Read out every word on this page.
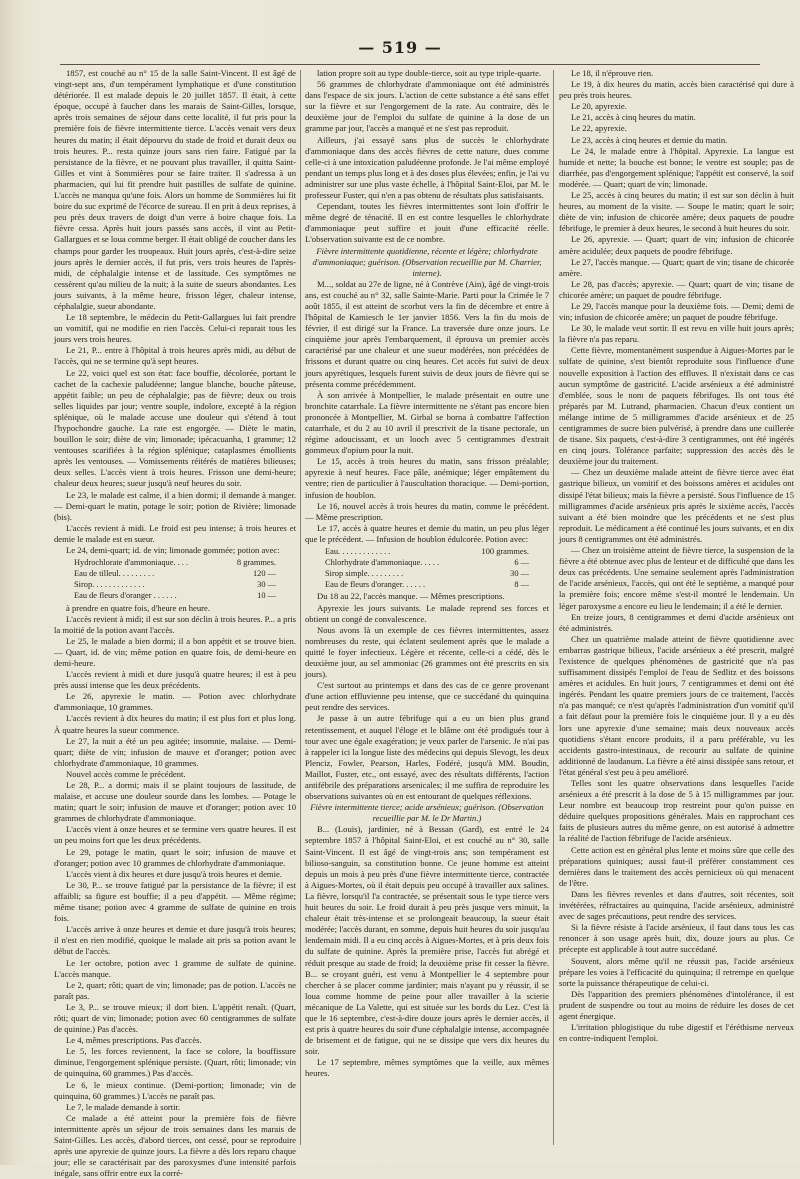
— 519 —

1857, est couché au n° 15 de la salle Saint-Vincent. Il est âgé de vingt-sept ans, d'un tempérament lymphatique et d'une constitution détériorée. Il est malade depuis le 20 juillet 1857. Il était, à cette époque, occupé à faucher dans les marais de Saint-Gilles, lorsque, après trois semaines de séjour dans cette localité, il fut pris pour la première fois de fièvre intermittente tierce. L'accès venait vers deux heures du matin; il était dépourvu du stade de froid et durait deux ou trois heures. P... resta quinze jours sans rien faire. Fatigué par la persistance de la fièvre, et ne pouvant plus travailler, il quitta Saint-Gilles et vint à Sommières pour se faire traiter. Il s'adressa à un pharmacien, qui lui fit prendre huit pastilles de sulfate de quinine. L'accès ne manqua qu'une fois. Alors un homme de Sommières lui fit boire du suc exprimé de l'écorce de sureau. Il en prit à deux reprises, à peu près deux travers de doigt d'un verre à boire chaque fois. La fièvre cessa. Après huit jours passés sans accès, il vint au Petit-Gallargues et se loua comme berger. Il était obligé de coucher dans les champs pour garder les troupeaux. Huit jours après, c'est-à-dire seize jours après le dernier accès, il fut pris, vers trois heures de l'après-midi, de céphalalgie intense et de lassitude. Ces symptômes ne cessèrent qu'au milieu de la nuit; à la suite de sueurs abondantes. Les jours suivants, à la même heure, frisson léger, chaleur intense, céphalalgie, sueur abondante.

Le 18 septembre, le médecin du Petit-Gallargues lui fait prendre un vomitif, qui ne modifie en rien l'accès. Celui-ci reparait tous les jours vers trois heures.

Le 21, P... entre à l'hôpital à trois heures après midi, au début de l'accès, qui ne se termine qu'à sept heures.

Le 22, voici quel est son état: face bouffie, décolorée, portant le cachet de la cachexie paludéenne; langue blanche, bouche pâteuse, appétit faible; un peu de céphalalgie; pas de fièvre; deux ou trois selles liquides par jour; ventre souple, indolore, excepté à la région splénique, où le malade accuse une douleur qui s'étend à tout l'hypochondre gauche. La rate est engorgée. — Diète le matin, bouillon le soir; diète de vin; limonade; ipécacuanha, 1 gramme; 12 ventouses scarifiées à la région splénique; cataplasmes émollients après les ventouses. — Vomissements réitérés de matières bilieuses; deux selles. L'accès vient à trois heures. Frisson une demi-heure; chaleur deux heures; sueur jusqu'à neuf heures du soir.

Le 23, le malade est calme, il a bien dormi; il demande à manger. — Demi-quart le matin, potage le soir; potion de Rivière; limonade (bis).

L'accès revient à midi. Le froid est peu intense; à trois heures et demie le malade est en sueur.

Le 24, demi-quart; id. de vin; limonade gommée; potion avec:

Hydrochlorate d'ammoniaque. . . .	8 grammes.
Eau de tilleul. . . . . . . . .	120 —
Sirop. . . . . . . . . . . . .	30 —
Eau de fleurs d'oranger . . . . . .	10 —

à prendre en quatre fois, d'heure en heure.

L'accès revient à midi; il est sur son déclin à trois heures. P... a pris la moitié de la potion avant l'accès.

Le 25, le malade a bien dormi; il a bon appétit et se trouve bien. — Quart, id. de vin; même potion en quatre fois, de demi-heure en demi-heure.

L'accès revient à midi et dure jusqu'à quatre heures; il est à peu près aussi intense que les deux précédents.

Le 26, apyrexie le matin. — Potion avec chlorhydrate d'ammoniaque, 10 grammes.

L'accès revient à dix heures du matin; il est plus fort et plus long. À quatre heures la sueur commence.

Le 27, la nuit a été un peu agitée; insomnie, malaise. — Demi-quart; diète de vin; infusion de mauve et d'oranger; potion avec chlorhydrate d'ammoniaque, 10 grammes.

Nouvel accès comme le précédent.

Le 28, P... a dormi; mais il se plaint toujours de lassitude, de malaise, et accuse une douleur sourde dans les lombes. — Potage le matin; quart le soir; infusion de mauve et d'oranger; potion avec 10 grammes de chlorhydrate d'ammoniaque.

L'accès vient à onze heures et se termine vers quatre heures. Il est un peu moins fort que les deux précédents.

Le 29, potage le matin, quart le soir; infusion de mauve et d'oranger; potion avec 10 grammes de chlorhydrate d'ammoniaque.

L'accès vient à dix heures et dure jusqu'à trois heures et demie.

Le 30, P... se trouve fatigué par la persistance de la fièvre; il est affaibli; sa figure est bouffie; il a peu d'appétit. — Même régime; même tisane; potion avec 4 gramme de sulfate de quinine en trois fois.

L'accès arrive à onze heures et demie et dure jusqu'à trois heures; il n'est en rien modifié, quoique le malade ait pris sa potion avant le début de l'accès.

Le 1er octobre, potion avec 1 gramme de sulfate de quinine. L'accès manque.

Le 2, quart; rôti; quart de vin; limonade; pas de potion. L'accès ne paraît pas.

Le 3, P... se trouve mieux; il dort bien. L'appétit renaît. (Quart, rôti; quart de vin; limonade; potion avec 60 centigrammes de sulfate de quinine.) Pas d'accès.

Le 4, mêmes prescriptions. Pas d'accès.

Le 5, les forces reviennent, la face se colore, la bouffissure diminue, l'engorgement splénique persiste. (Quart, rôti; limonade; vin de quinquina, 60 grammes.) Pas d'accès.

Le 6, le mieux continue. (Demi-portion; limonade; vin de quinquina, 60 grammes.) L'accès ne paraît pas.

Le 7, le malade demande à sortir.

Ce malade a été atteint pour la première fois de fièvre intermittente après un séjour de trois semaines dans les marais de Saint-Gilles. Les accès, d'abord tierces, ont cessé, pour se reproduire après une apyrexie de quinze jours. La fièvre a dès lors reparu chaque jour; elle se caractérisait par des paroxysmes d'une intensité parfois inégale, sans offrir entre eux la corré-

lation propre soit au type double-tierce, soit au type triple-quarte.

56 grammes de chlorhydrate d'ammoniaque ont été administrés dans l'espace de six jours. L'action de cette substance a été sans effet sur la fièvre et sur l'engorgement de la rate. Au contraire, dès le deuxième jour de l'emploi du sulfate de quinine à la dose de un gramme par jour, l'accès a manqué et ne s'est pas reproduit.

Ailleurs, j'ai essayé sans plus de succès le chlorhydrate d'ammoniaque dans des accès fièvres de cette nature, dues comme celle-ci à une intoxication paludéenne profonde. Je l'ai même employé pendant un temps plus long et à des doses plus élevées; enfin, je l'ai vu administrer sur une plus vaste échelle, à l'hôpital Saint-Eloi, par M. le professeur Fuster, qui n'en a pas obtenu de résultats plus satisfaisants.

Cependant, toutes les fièvres intermittentes sont loin d'offrir le même degré de ténacité. Il en est contre lesquelles le chlorhydrate d'ammoniaque peut suffire et jouit d'une efficacité réelle. L'observation suivante est de ce nombre.

Fièvre intermittente quotidienne, récente et légère; chlorhydrate d'ammoniaque; guérison. (Observation recueillie par M. Charrier, interne).

M..., soldat au 27e de ligne, né à Contrève (Ain), âgé de vingt-trois ans, est couché au n° 32, salle Sainte-Marie. Parti pour la Crimée le 7 août 1855, il est atteint de scorbut vers la fin de décembre et entre à l'hôpital de Kamiesch le 1er janvier 1856. Vers la fin du mois de février, il est dirigé sur la France. La traversée dure onze jours. Le cinquième jour après l'embarquement, il éprouva un premier accès caractérisé par une chaleur et une sueur modérées, non précédées de frissons et durant quatre ou cinq heures. Cet accès fut suivi de deux jours apyrétiques, lesquels furent suivis de deux jours de fièvre qui se présenta comme précédemment.

À son arrivée à Montpellier, le malade présentait en outre une bronchite catarrhale. La fièvre intermittente ne s'étant pas encore bien prononcée à Montpellier, M. Girbal se borna à combattre l'affection catarrhale, et du 2 au 10 avril il prescrivit de la tisane pectorale, un régime adoucissant, et un looch avec 5 centigrammes d'extrait gommeux d'opium pour la nuit.

Le 15, accès à trois heures du matin, sans frisson préalable; apyrexie à neuf heures. Face pâle, anémique; léger empâtement du ventre; rien de particulier à l'auscultation thoracique. — Demi-portion, infusion de houblon.

Le 16, nouvel accès à trois heures du matin, comme le précédent. — Même prescription.

Le 17, accès à quatre heures et demie du matin, un peu plus léger que le précédent. — Infusion de houblon édulcorée. Potion avec:

Eau. . . . . . . . . . . . .	100 grammes.
Chlorhydrate d'ammoniaque. . . . .	6 —
Sirop simple. . . . . . . . .	30 —
Eau de fleurs d'oranger. . . . . .	8 —

Du 18 au 22, l'accès manque. — Mêmes prescriptions.

Apyrexie les jours suivants. Le malade reprend ses forces et obtient un congé de convalescence.

Nous avons là un exemple de ces fièvres intermittentes, assez nombreuses du reste, qui éclatent seulement après que le malade a quitté le foyer infectieux. Légère et récente, celle-ci a cédé, dès le deuxième jour, au sel ammoniac (26 grammes ont été prescrits en six jours).

C'est surtout au printemps et dans des cas de ce genre provenant d'une action effluvienne peu intense, que ce succédané du quinquina peut rendre des services.

Je passe à un autre fébrifuge qui a eu un bien plus grand retentissement, et auquel l'éloge et le blâme ont été prodigués tour à tour avec une égale exagération; je veux parler de l'arsenic. Je n'ai pas à rappeler ici la longue liste des médecins qui depuis Slevogt, les deux Plenciz, Fowler, Pearson, Harles, Fodéré, jusqu'à MM. Boudin, Maillot, Fuster, etc., ont essayé, avec des résultats différents, l'action antifébrile des préparations arsenicales; il me suffira de reproduire les observations suivantes où en est entourant de quelques réflexions.

Fièvre intermittente tierce; acide arsénieux; guérison. (Observation recueillie par M. le Dr Martin.)

B... (Louis), jardinier, né à Bessan (Gard), est entré le 24 septembre 1857 à l'hôpital Saint-Eloi, et est couché au n° 30, salle Saint-Vincent. Il est âgé de vingt-trois ans; son tempérament est bilioso-sanguin, sa constitution bonne. Ce jeune homme est atteint depuis un mois à peu près d'une fièvre intermittente tierce, contractée à Aigues-Mortes, où il était depuis peu occupé à travailler aux salines. La fièvre, lorsqu'il l'a contractée, se présentait sous le type tierce vers huit heures du soir. Le froid durait à peu près jusque vers minuit, la chaleur était très-intense et se prolongeait beaucoup, la sueur était modérée; l'accès durant, en somme, depuis huit heures du soir jusqu'au lendemain midi. Il a eu cinq accès à Aigues-Mortes, et à pris deux fois du sulfate de quinine. Après la première prise, l'accès fut abrégé et réduit presque au stade de froid; la deuxième prise fit cesser la fièvre. B... se croyant guéri, est venu à Montpellier le 4 septembre pour chercher à se placer comme jardinier; mais n'ayant pu y réussir, il se loua comme homme de peine pour aller travailler à la scierie mécanique de La Valette, qui est située sur les bords du Lez. C'est là que le 16 septembre, c'est-à-dire douze jours après le dernier accès, il est pris à quatre heures du soir d'une céphalalgie intense, accompagnée de brisement et de fatigue, qui ne se dissipe que vers dix heures du soir.

Le 17 septembre, mêmes symptômes que la veille, aux mêmes heures.

Le 18, il n'éprouve rien.

Le 19, à dix heures du matin, accès bien caractérisé qui dure à peu près trois heures.

Le 20, apyrexie.

Le 21, accès à cinq heures du matin.

Le 22, apyrexie.

Le 23, accès à cinq heures et demie du matin.

Le 24, le malade entre à l'hôpital. Apyrexie. La langue est humide et nette; la bouche est bonne; le ventre est souple; pas de diarrhée, pas d'engorgement splénique; l'appétit est conservé, la soif modérée. — Quart; quart de vin; limonade.

Le 25, accès à cinq heures du matin; il est sur son déclin à huit heures, au moment de la visite. — Soupe le matin; quart le soir; diète de vin; infusion de chicorée amère; deux paquets de poudre fébrifuge, le premier à deux heures, le second à huit heures du soir.

Le 26, apyrexie. — Quart; quart de vin; infusion de chicorée amère acidulée; deux paquets de poudre fébrifuge.

Le 27, l'accès manque. — Quart; quart de vin; tisane de chicorée amère.

Le 28, pas d'accès; apyrexie. — Quart; quart de vin; tisane de chicorée amère; un paquet de poudre fébrifuge.

Le 29, l'accès manque pour la deuxième fois. — Demi; demi de vin; infusion de chicorée amère; un paquet de poudre fébrifuge.

Le 30, le malade veut sortir. Il est revu en ville huit jours après; la fièvre n'a pas reparu.

Cette fièvre, momentanément suspendue à Aigues-Mortes par le sulfate de quinine, s'est bientôt reproduite sous l'influence d'une nouvelle exposition à l'action des effluves. Il n'existait dans ce cas aucun symptôme de gastricité. L'acide arsénieux a été administré d'emblée, sous le nom de paquets fébrifuges. Ils ont tous été préparés par M. Lutrand, pharmacien. Chacun d'eux contient un mélange intime de 5 milligrammes d'acide arsénieux et de 25 centigrammes de sucre bien pulvérisé, à prendre dans une cuillerée de tisane. Six paquets, c'est-à-dire 3 centigrammes, ont été ingérés en cinq jours. Tolérance parfaite; suppression des accès dès le deuxième jour du traitement.

— Chez un deuxième malade atteint de fièvre tierce avec état gastrique bilieux, un vomitif et des boissons amères et acidules ont dissipé l'état bilieux; mais la fièvre a persisté. Sous l'influence de 15 milligrammes d'acide arsénieux pris après le sixième accès, l'accès suivant a été bien moindre que les précédents et ne s'est plus reproduit. Le médicament a été continué les jours suivants, et en dix jours 8 centigrammes ont été administrés.

— Chez un troisième atteint de fièvre tierce, la suspension de la fièvre a été obtenue avec plus de lenteur et de difficulté que dans les deux cas précédents. Une semaine seulement après l'administration de l'acide arsénieux, l'accès, qui ont été le septième, a manqué pour la première fois; encore même s'est-il montré le lendemain. Un léger paroxysme a encore eu lieu le lendemain; il a été le dernier.

En treize jours, 8 centigrammes et demi d'acide arsénieux ont été administrés.

Chez un quatrième malade atteint de fièvre quotidienne avec embarras gastrique bilieux, l'acide arsénieux a été prescrit, malgré l'existence de quelques phénomènes de gastricité que n'a pas suffisamment dissipés l'emploi de l'eau de Sedlitz et des boissons amères et acidules. En huit jours, 7 centigrammes et demi ont été ingérés. Pendant les quatre premiers jours de ce traitement, l'accès n'a pas manqué; ce n'est qu'après l'administration d'un vomitif qu'il a fait défaut pour la première fois le cinquième jour. Il y a eu dès lors une apyrexie d'une semaine; mais deux nouveaux accès quotidiens s'étant encore produits, il a paru préférable, vu les accidents gastro-intestinaux, de recourir au sulfate de quinine additionné de laudanum. La fièvre a été ainsi dissipée sans retour, et l'état général s'est peu à peu amélioré.

Telles sont les quatre observations dans lesquelles l'acide arsénieux a été prescrit à la dose de 5 à 15 milligrammes par jour. Leur nombre est beaucoup trop restreint pour qu'on puisse en déduire quelques propositions générales. Mais en rapprochant ces faits de plusieurs autres du même genre, on est autorisé à admettre la réalité de l'action fébrifuge de l'acide arsénieux.

Cette action est en général plus lente et moins sûre que celle des préparations quiniques; aussi faut-il préférer constamment ces dernières dans le traitement des accès pernicieux où qui menacent de l'être.

Dans les fièvres revenles et dans d'autres, soit récentes, soit invétérées, réfractaires au quinquina, l'acide arsénieux, administré avec de sages précautions, peut rendre des services.

Si la fièvre résiste à l'acide arsénieux, il faut dans tous les cas renoncer à son usage après huit, dix, douze jours au plus. Ce précepte est applicable à tout autre succédané.

Souvent, alors même qu'il ne réussit pas, l'acide arsénieux prépare les voies à l'efficacité du quinquina; il retrempe en quelque sorte la puissance thérapeutique de celui-ci.

Dès l'apparition des premiers phénomènes d'intolérance, il est prudent de suspendre ou tout au moins de réduire les doses de cet agent énergique.

L'irritation phlogistique du tube digestif et l'éréthisme nerveux en contre-indiquent l'emploi.
